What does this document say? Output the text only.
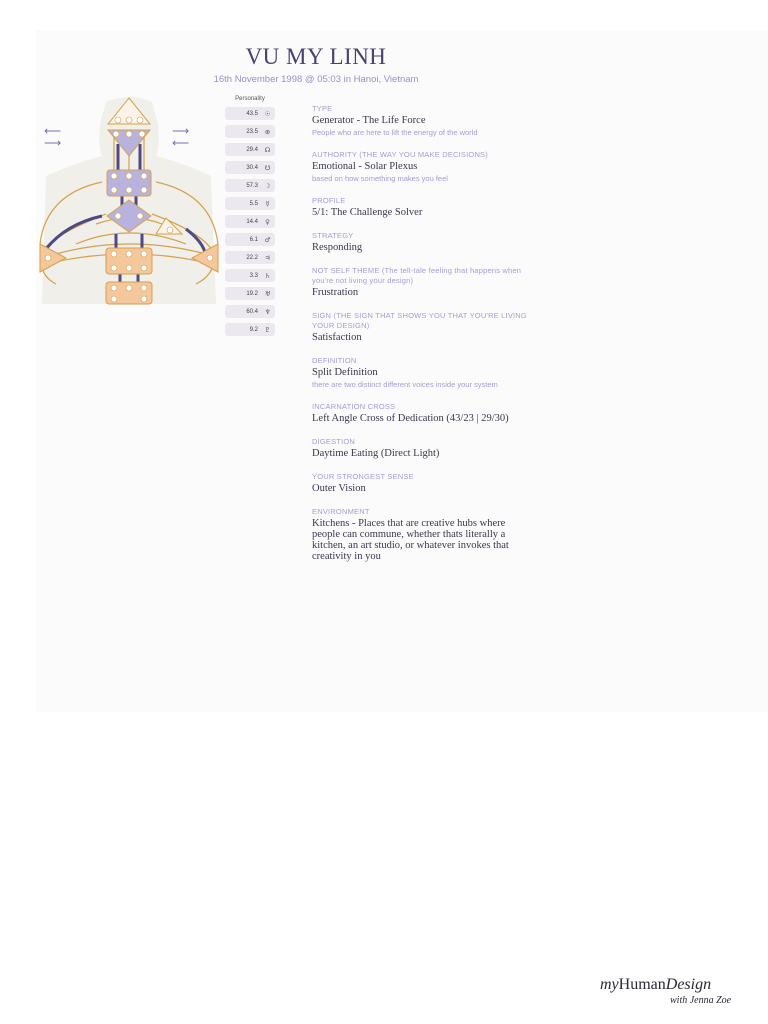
VU MY LINH
16th November 1998 @ 05:03 in Hanoi, Vietnam
⟵
⟶
⟶
⟵
Personality
43.5 ☉
23.5 ⊕
29.4 ☊
30.4 ☋
57.3 ☽
5.5 ☿
14.4 ♀
6.1 ♂
22.2 ♃
3.3 ♄
19.2 ♅
60.4 ♆
9.2 ♇
TYPE
Generator - The Life Force
People who are here to lift the energy of the world
AUTHORITY (THE WAY YOU MAKE DECISIONS)
Emotional - Solar Plexus
based on how something makes you feel
PROFILE
5/1: The Challenge Solver
STRATEGY
Responding
NOT SELF THEME (The tell-tale feeling that happens when you're not living your design)
Frustration
SIGN (THE SIGN THAT SHOWS YOU THAT YOU'RE LIVING YOUR DESIGN)
Satisfaction
DEFINITION
Split Definition
there are two distinct different voices inside your system
INCARNATION CROSS
Left Angle Cross of Dedication (43/23 | 29/30)
DIGESTION
Daytime Eating (Direct Light)
YOUR STRONGEST SENSE
Outer Vision
ENVIRONMENT
Kitchens - Places that are creative hubs where people can commune, whether thats literally a kitchen, an art studio, or whatever invokes that creativity in you
myHumanDesign
with Jenna Zoe
